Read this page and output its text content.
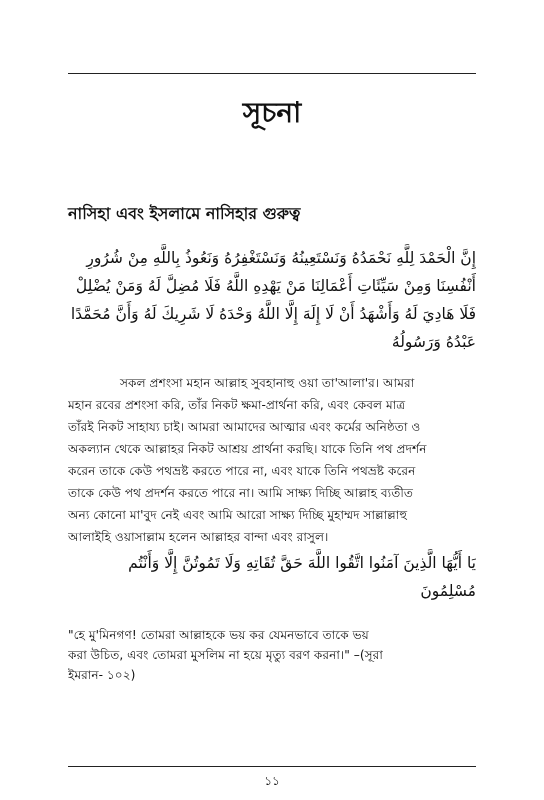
সূচনা
নাসিহা এবং ইসলামে নাসিহার গুরুত্ব
إِنَّ الْحَمْدَ لِلَّهِ نَحْمَدُهُ وَنَسْتَعِينُهُ وَنَسْتَغْفِرُهُ وَنَعُوذُ بِاللَّهِ مِنْ شُرُورِ
أَنْفُسِنَا وَمِنْ سَيِّئَاتِ أَعْمَالِنَا مَنْ يَهْدِهِ اللَّهُ فَلَا مُضِلَّ لَهُ وَمَنْ يُضْلِلْ
فَلَا هَادِيَ لَهُ وَأَشْهَدُ أَنْ لَا إِلَهَ إِلَّا اللَّهُ وَحْدَهُ لَا شَرِيكَ لَهُ وَأَنَّ مُحَمَّدًا
عَبْدُهُ وَرَسُولُهُ
সকল প্রশংসা মহান আল্লাহ সুবহানাহু ওয়া তা'আলা'র। আমরা
মহান রবের প্রশংসা করি, তাঁর নিকট ক্ষমা-প্রার্থনা করি, এবং কেবল মাত্র
তাঁরই নিকট সাহায্য চাই। আমরা আমাদের আত্মার এবং কর্মের অনিষ্ঠতা ও
অকল্যান থেকে আল্লাহর নিকট আশ্রয় প্রার্থনা করছি। যাকে তিনি পথ প্রদর্শন
করেন তাকে কেউ পথভ্রষ্ট করতে পারে না, এবং যাকে তিনি পথভ্রষ্ট করেন
তাকে কেউ পথ প্রদর্শন করতে পারে না। আমি সাক্ষ্য দিচ্ছি আল্লাহ ব্যতীত
অন্য কোনো মা'বুদ নেই এবং আমি আরো সাক্ষ্য দিচ্ছি মুহাম্মদ সাল্লাল্লাহু
আলাইহি ওয়াসাল্লাম হলেন আল্লাহর বান্দা এবং রাসুল।
يَا أَيُّهَا الَّذِينَ آمَنُوا اتَّقُوا اللَّهَ حَقَّ تُقَاتِهِ وَلَا تَمُوتُنَّ إِلَّا وَأَنْتُم
مُسْلِمُونَ
"হে মু'মিনগণ! তোমরা আল্লাহকে ভয় কর যেমনভাবে তাকে ভয়
করা উচিত, এবং তোমরা মুসলিম না হয়ে মৃত্যু বরণ করনা।" –(সূরা
ইমরান- ১০২)
১১
